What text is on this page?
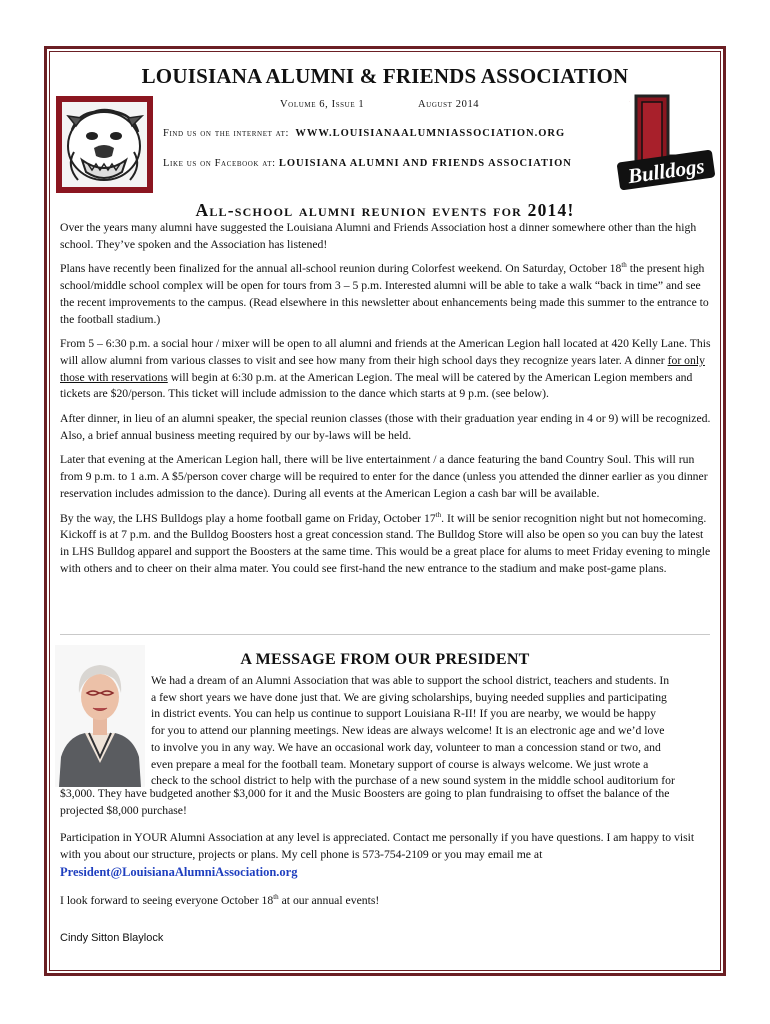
LOUISIANA ALUMNI & FRIENDS ASSOCIATION
Volume 6, Issue 1	August 2014
Find us on the internet at: WWW.LOUISIANAALUMNIASSOCIATION.ORG
Like us on Facebook at: LOUISIANA ALUMNI AND FRIENDS ASSOCIATION
L
Bulldogs
All-school alumni reunion events for 2014!

Over the years many alumni have suggested the Louisiana Alumni and Friends Association host a dinner somewhere other than the high school. They’ve spoken and the Association has listened!

Plans have recently been finalized for the annual all-school reunion during Colorfest weekend. On Saturday, October 18th the present high school/middle school complex will be open for tours from 3 – 5 p.m. Interested alumni will be able to take a walk “back in time” and see the recent improvements to the campus. (Read elsewhere in this newsletter about enhancements being made this summer to the entrance to the football stadium.)

From 5 – 6:30 p.m. a social hour / mixer will be open to all alumni and friends at the American Legion hall located at 420 Kelly Lane. This will allow alumni from various classes to visit and see how many from their high school days they recognize years later. A dinner for only those with reservations will begin at 6:30 p.m. at the American Legion. The meal will be catered by the American Legion members and tickets are $20/person. This ticket will include admission to the dance which starts at 9 p.m. (see below).

After dinner, in lieu of an alumni speaker, the special reunion classes (those with their graduation year ending in 4 or 9) will be recognized. Also, a brief annual business meeting required by our by-laws will be held.

Later that evening at the American Legion hall, there will be live entertainment / a dance featuring the band Country Soul. This will run from 9 p.m. to 1 a.m. A $5/person cover charge will be required to enter for the dance (unless you attended the dinner earlier as you dinner reservation includes admission to the dance). During all events at the American Legion a cash bar will be available.

By the way, the LHS Bulldogs play a home football game on Friday, October 17th. It will be senior recognition night but not homecoming. Kickoff is at 7 p.m. and the Bulldog Boosters host a great concession stand. The Bulldog Store will also be open so you can buy the latest in LHS Bulldog apparel and support the Boosters at the same time. This would be a great place for alums to meet Friday evening to mingle with others and to cheer on their alma mater. You could see first-hand the new entrance to the stadium and make post-game plans.

A MESSAGE FROM OUR PRESIDENT
We had a dream of an Alumni Association that was able to support the school district, teachers and students. In
a few short years we have done just that. We are giving scholarships, buying needed supplies and participating
in district events. You can help us continue to support Louisiana R-II! If you are nearby, we would be happy
for you to attend our planning meetings. New ideas are always welcome! It is an electronic age and we’d love
to involve you in any way. We have an occasional work day, volunteer to man a concession stand or two, and
even prepare a meal for the football team. Monetary support of course is always welcome. We just wrote a
check to the school district to help with the purchase of a new sound system in the middle school auditorium for

$3,000. They have budgeted another $3,000 for it and the Music Boosters are going to plan fundraising to offset the balance of the projected $8,000 purchase!

Participation in YOUR Alumni Association at any level is appreciated. Contact me personally if you have questions. I am happy to visit with you about our structure, projects or plans. My cell phone is 573-754-2109 or you may email me at
President@LouisianaAlumniAssociation.org

I look forward to seeing everyone October 18th at our annual events!

Cindy Sitton Blaylock
